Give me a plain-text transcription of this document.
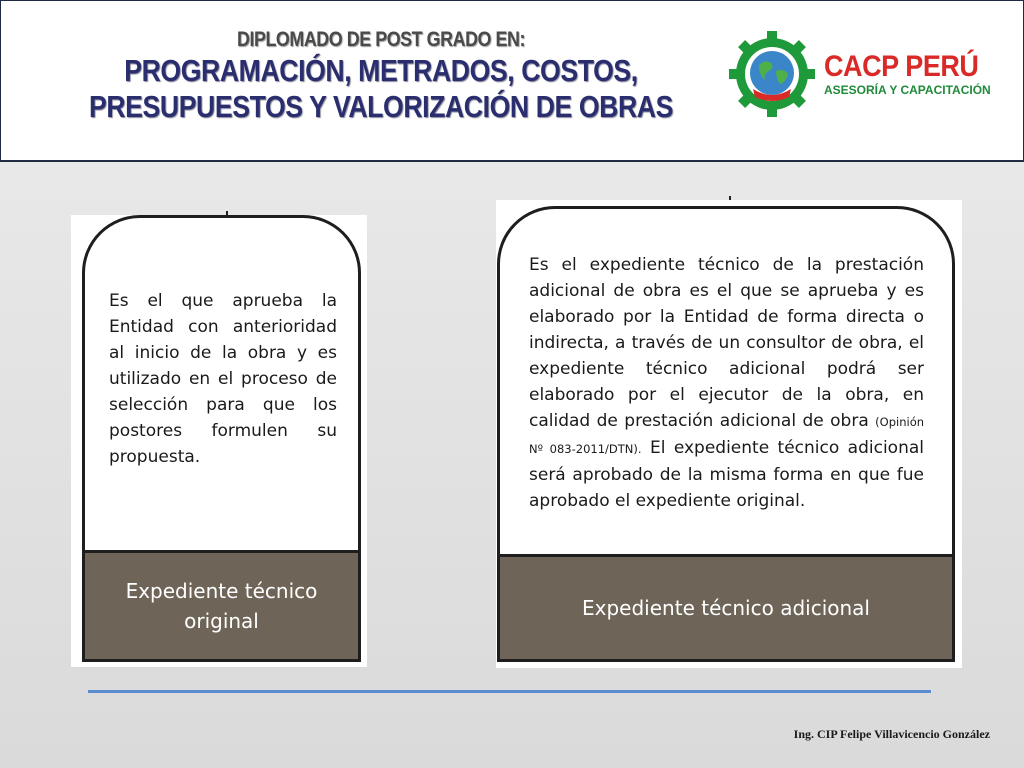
DIPLOMADO DE POST GRADO EN:
PROGRAMACIÓN, METRADOS, COSTOS,
PRESUPUESTOS Y VALORIZACIÓN DE OBRAS
CACP PERÚ
ASESORÍA Y CAPACITACIÓN
Es el que aprueba la Entidad con anterioridad al inicio de la obra y es utilizado en el proceso de selección para que los postores formulen su propuesta.
Expediente técnico original
Es el expediente técnico de la prestación adicional de obra es el que se aprueba y es elaborado por la Entidad de forma directa o indirecta, a través de un consultor de obra, el expediente técnico adicional podrá ser elaborado por el ejecutor de la obra, en calidad de prestación adicional de obra (Opinión Nº 083-2011/DTN). El expediente técnico adicional será aprobado de la misma forma en que fue aprobado el expediente original.
Expediente técnico adicional
Ing. CIP Felipe Villavicencio González
